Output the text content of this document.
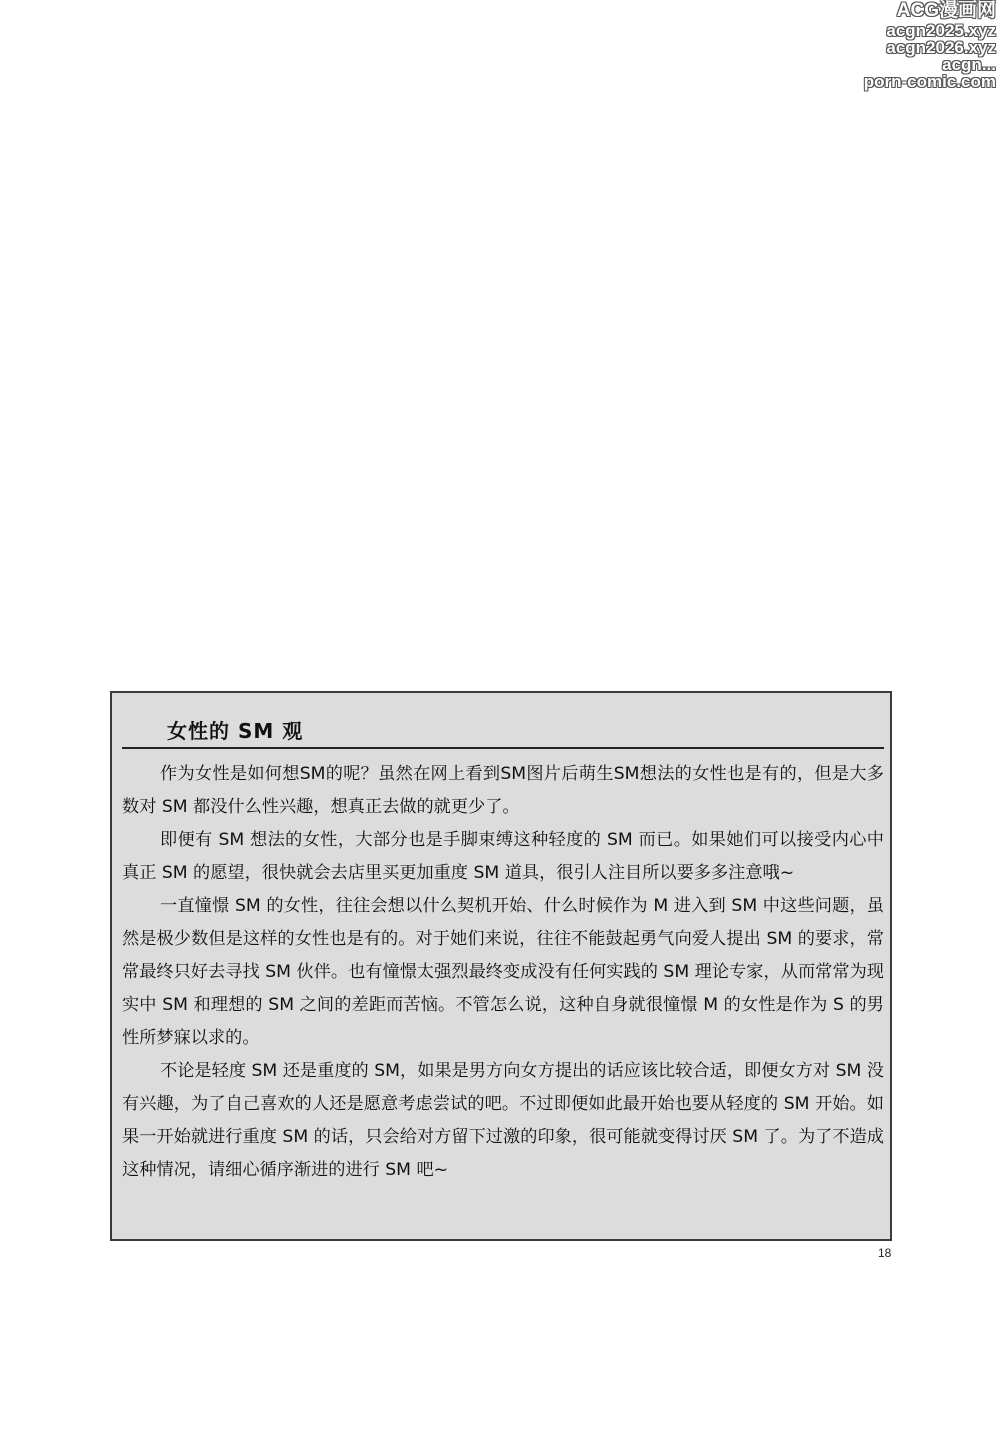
ACG漫画网
acgn2025.xyz
acgn2026.xyz
acgn...
porn-comic.com
女性的 SM 观

作为女性是如何想SM的呢？虽然在网上看到SM图片后萌生SM想法的女性也是有的，但是大多数对 SM 都没什么性兴趣，想真正去做的就更少了。

即便有 SM 想法的女性，大部分也是手脚束缚这种轻度的 SM 而已。如果她们可以接受内心中真正 SM 的愿望，很快就会去店里买更加重度 SM 道具，很引人注目所以要多多注意哦~

一直憧憬 SM 的女性，往往会想以什么契机开始、什么时候作为 M 进入到 SM 中这些问题，虽然是极少数但是这样的女性也是有的。对于她们来说，往往不能鼓起勇气向爱人提出 SM 的要求，常常最终只好去寻找 SM 伙伴。也有憧憬太强烈最终变成没有任何实践的 SM 理论专家，从而常常为现实中 SM 和理想的 SM 之间的差距而苦恼。不管怎么说，这种自身就很憧憬 M 的女性是作为 S 的男性所梦寐以求的。

不论是轻度 SM 还是重度的 SM，如果是男方向女方提出的话应该比较合适，即便女方对 SM 没有兴趣，为了自己喜欢的人还是愿意考虑尝试的吧。不过即便如此最开始也要从轻度的 SM 开始。如果一开始就进行重度 SM 的话，只会给对方留下过激的印象，很可能就变得讨厌 SM 了。为了不造成这种情况，请细心循序渐进的进行 SM 吧~

18
